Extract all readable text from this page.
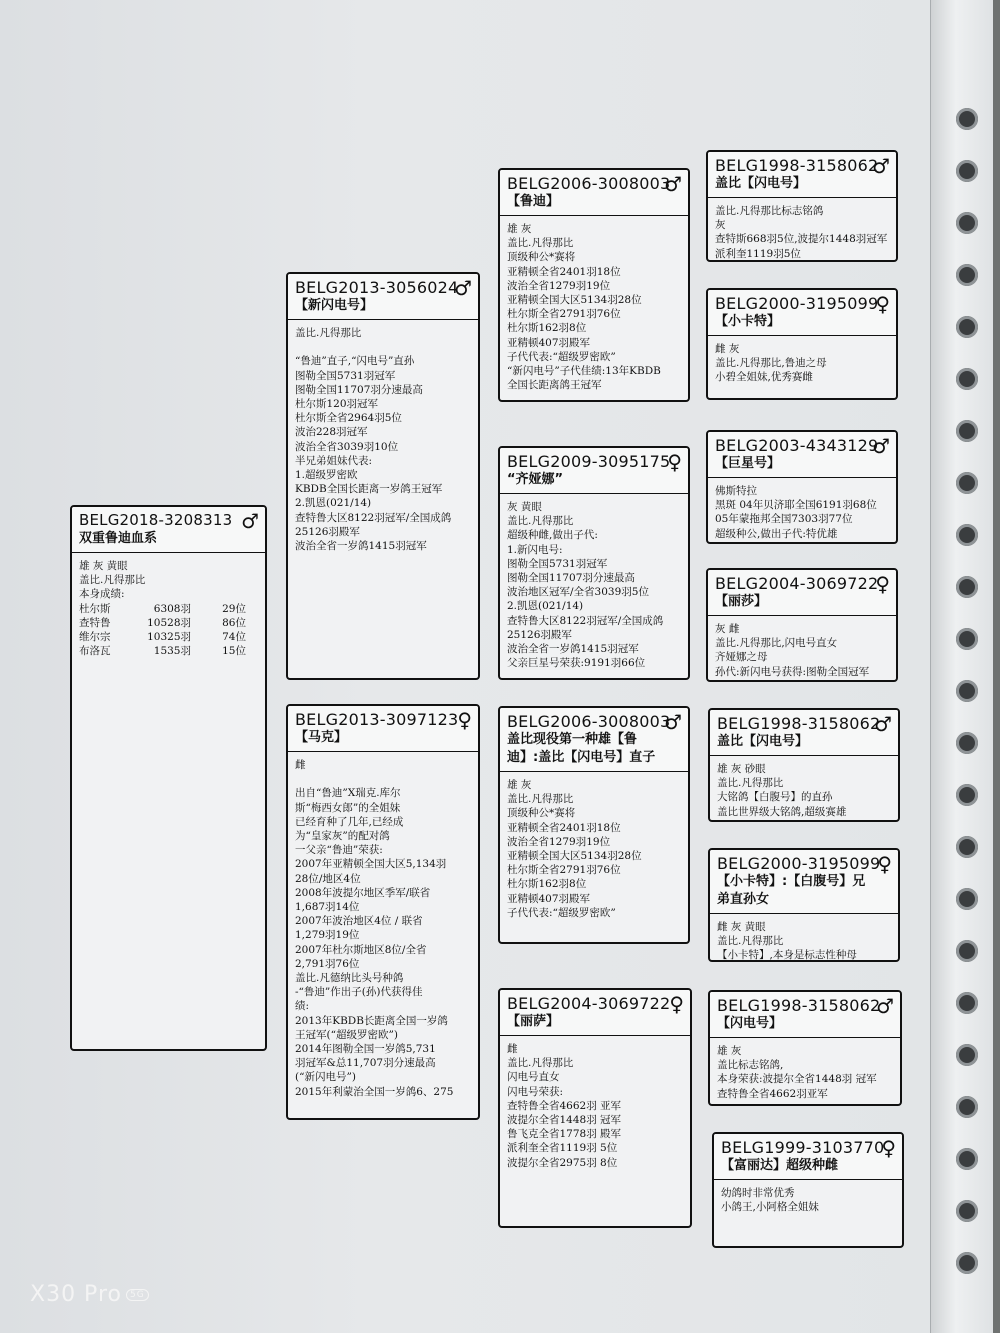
BELG2018-3208313
双重鲁迪血系
♂
雄 灰 黄眼
盖比.凡得那比
本身成绩:
杜尔斯	6308羽	29位
查特鲁	10528羽	86位
维尔宗	10325羽	74位
布洛瓦	1535羽	15位
BELG2013-3056024
【新闪电号】
♂
盖比.凡得那比

“鲁迪”直子,“闪电号”直孙
图勒全国5731羽冠军
图勒全国11707羽分速最高
杜尔斯120羽冠军
杜尔斯全省2964羽5位
波治228羽冠军
波治全省3039羽10位
半兄弟姐妹代表:
1.超级罗密欧
KBDB全国长距离一岁鸽王冠军
2.凯恩(021/14)
查特鲁大区8122羽冠军/全国成鸽
25126羽殿军
波治全省一岁鸽1415羽冠军
BELG2013-3097123
【马克】
♀
雌

出自“鲁迪”X瑞克.库尔
斯“梅西女郎”的全姐妹
已经育种了几年,已经成
为“皇家灰”的配对鸽
一父亲“鲁迪”荣获:
2007年亚精顿全国大区5,134羽
28位/地区4位
2008年波提尔地区季军/联省
1,687羽14位
2007年波治地区4位 / 联省
1,279羽19位
2007年杜尔斯地区8位/全省
2,791羽76位
盖比.凡德纳比头号种鸽
-“鲁迪”作出子(孙)代获得佳
绩:
2013年KBDB长距离全国一岁鸽
王冠军(“超级罗密欧”)
2014年图勒全国一岁鸽5,731
羽冠军&总11,707羽分速最高
(“新闪电号”)
2015年利蒙治全国一岁鸽6、275
BELG2006-3008003
【鲁迪】
♂
雄 灰
盖比.凡得那比
顶级种公*赛将
亚精顿全省2401羽18位
波治全省1279羽19位
亚精顿全国大区5134羽28位
杜尔斯全省2791羽76位
杜尔斯162羽8位
亚精顿407羽殿军
子代代表:“超级罗密欧”
“新闪电号”子代佳绩:13年KBDB
全国长距离鸽王冠军
BELG2009-3095175
“齐娅娜”
♀
灰 黄眼
盖比.凡得那比
超级种雌,做出子代:
1.新闪电号:
图勒全国5731羽冠军
图勒全国11707羽分速最高
波治地区冠军/全省3039羽5位
2.凯恩(021/14)
查特鲁大区8122羽冠军/全国成鸽
25126羽殿军
波治全省一岁鸽1415羽冠军
父亲巨星号荣获:9191羽66位
BELG2006-3008003
盖比现役第一种雄【鲁迪】:盖比【闪电号】直子
♂
雄 灰
盖比.凡得那比
顶级种公*赛将
亚精顿全省2401羽18位
波治全省1279羽19位
亚精顿全国大区5134羽28位
杜尔斯全省2791羽76位
杜尔斯162羽8位
亚精顿407羽殿军
子代代表:“超级罗密欧”
BELG2004-3069722
【丽萨】
♀
雌
盖比.凡得那比
闪电号直女
闪电号荣获:
查特鲁全省4662羽 亚军
波提尔全省1448羽 冠军
鲁飞克全省1778羽 殿军
派利奎全省1119羽 5位
波提尔全省2975羽 8位
BELG1998-3158062
盖比【闪电号】
♂
盖比.凡得那比标志铭鸽
灰
查特斯668羽5位,波提尔1448羽冠军
派利奎1119羽5位
BELG2000-3195099
【小卡特】
♀
雌 灰
盖比.凡得那比,鲁迪之母
小碧全姐妹,优秀赛雌
BELG2003-4343129
【巨星号】
♂
佛斯特拉
黑斑 04年贝济耶全国6191羽68位
05年蒙拖邦全国7303羽77位
超级种公,做出子代:特优雄
BELG2004-3069722
【丽莎】
♀
灰 雌
盖比.凡得那比,闪电号直女
齐娅娜之母
孙代:新闪电号获得:图勒全国冠军
BELG1998-3158062
盖比【闪电号】
♂
雄 灰 砂眼
盖比.凡得那比
大铭鸽【白腹号】的直孙
盖比世界级大铭鸽,超级赛雄
BELG2000-3195099
【小卡特】:【白腹号】兄弟直孙女
♀
雌 灰 黄眼
盖比.凡得那比
【小卡特】,本身是标志性种母
BELG1998-3158062
【闪电号】
♂
雄 灰
盖比标志铭鸽,
本身荣获:波提尔全省1448羽 冠军
查特鲁全省4662羽亚军
BELG1999-3103770
【富丽达】超级种雌
♀
幼鸽时非常优秀
小鸽王,小阿格全姐妹
X30 Pro 5G
